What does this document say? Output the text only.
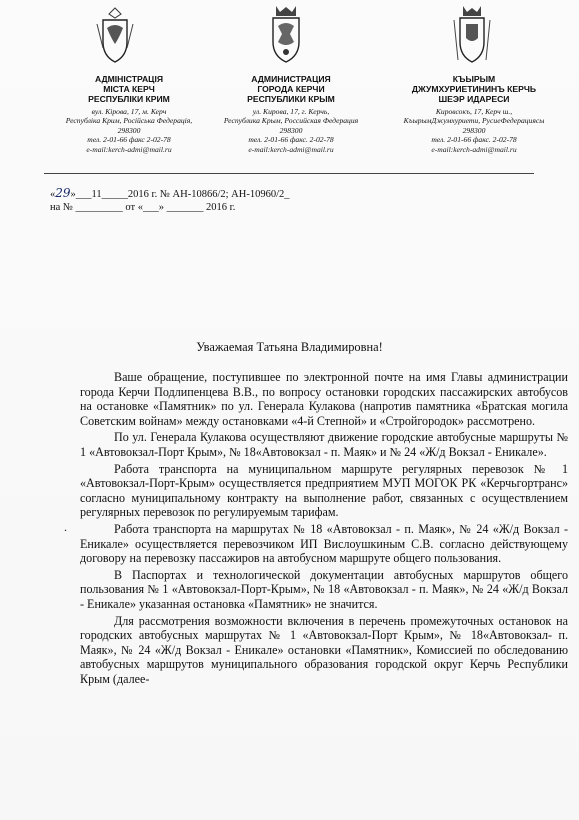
АДМІНІСТРАЦІЯ
МІСТА КЕРЧ
РЕСПУБЛІКИ КРИМ
вул. Кірова, 17, м. Керч
Республіка Крим, Російська Федерація,
298300
тел. 2-01-66 факс 2-02-78
e-mail:kerch-admi@mail.ru
АДМИНИСТРАЦИЯ
ГОРОДА КЕРЧИ
РЕСПУБЛИКИ КРЫМ
ул. Кирова, 17, г. Керчь,
Республика Крым, Российская Федерация
298300
тел. 2-01-66 факс. 2-02-78
e-mail:kerch-admi@mail.ru
КЪЫРЫМ
ДЖУМХУРИЕТИНИНЪ КЕРЧЬ
ШЕЭР ИДАРЕСИ
Кировсокъ, 17, Керч ш.,
КъырымДжумхуриети, РусиеФедерациясы
298300
тел. 2-01-66 факс. 2-02-78
e-mail:kerch-admi@mail.ru
«29»___11_____2016 г. № АН-10866/2; АН-10960/2_
на № _________ от «___» _______ 2016 г.
Уважаемая Татьяна Владимировна!
.

Ваше обращение, поступившее по электронной почте на имя Главы администрации города Керчи Подлипенцева В.В., по вопросу остановки городских пассажирских автобусов на остановке «Памятник» по ул. Генерала Кулакова (напротив памятника «Братская могила Советским войнам» между остановками «4-й Степной» и «Стройгородок» рассмотрено.

По ул. Генерала Кулакова осуществляют движение городские автобусные маршруты № 1 «Автовокзал-Порт Крым», № 18«Автовокзал - п. Маяк» и № 24 «Ж/д Вокзал - Еникале».

Работа транспорта на муниципальном маршруте регулярных перевозок № 1 «Автовокзал-Порт-Крым» осуществляется предприятием МУП МОГОК РК «Керчьгортранс» согласно муниципальному контракту на выполнение работ, связанных с осуществлением регулярных перевозок по регулируемым тарифам.

Работа транспорта на маршрутах № 18 «Автовокзал - п. Маяк», № 24 «Ж/д Вокзал - Еникале» осуществляется перевозчиком ИП Вислоушкиным С.В. согласно действующему договору на перевозку пассажиров на автобусном маршруте общего пользования.

В Паспортах и технологической документации автобусных маршрутов общего пользования № 1 «Автовокзал-Порт-Крым», № 18 «Автовокзал - п. Маяк», № 24 «Ж/д Вокзал - Еникале» указанная остановка «Памятник» не значится.

Для рассмотрения возможности включения в перечень промежуточных остановок на городских автобусных маршрутах № 1 «Автовокзал-Порт Крым», № 18«Автовокзал- п. Маяк», № 24 «Ж/д Вокзал - Еникале» остановки «Памятник», Комиссией по обследованию автобусных маршрутов муниципального образования городской округ Керчь Республики Крым (далее-
